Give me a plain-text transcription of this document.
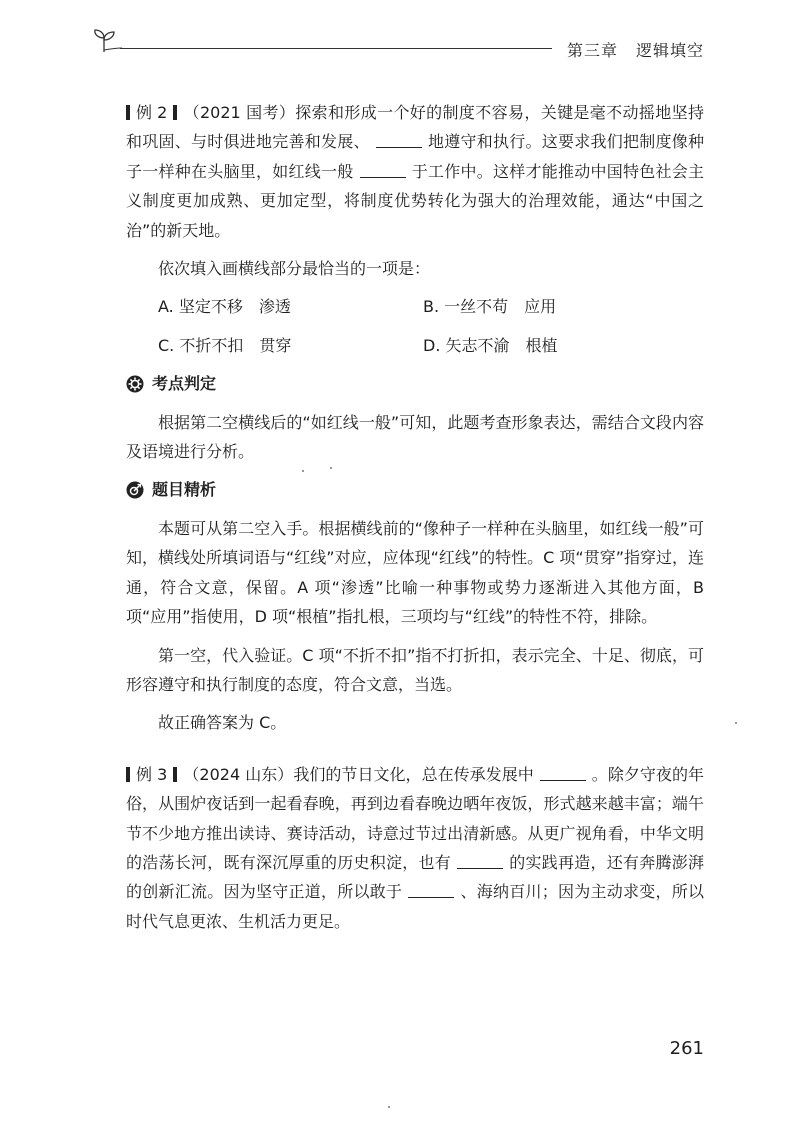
第三章 逻辑填空

例 2 （2021 国考）探索和形成一个好的制度不容易，关键是毫不动摇地坚持和巩固、与时俱进地完善和发展、	地遵守和执行。这要求我们把制度像种子一样种在头脑里，如红线一般	于工作中。这样才能推动中国特色社会主义制度更加成熟、更加定型，将制度优势转化为强大的治理效能，通达“中国之治”的新天地。

依次填入画横线部分最恰当的一项是：

A. 坚定不移　渗透	B. 一丝不苟　应用
C. 不折不扣　贯穿	D. 矢志不渝　根植
考点判定

根据第二空横线后的“如红线一般”可知，此题考查形象表达，需结合文段内容及语境进行分析。

题目精析

本题可从第二空入手。根据横线前的“像种子一样种在头脑里，如红线一般”可知，横线处所填词语与“红线”对应，应体现“红线”的特性。C 项“贯穿”指穿过，连通，符合文意，保留。A 项“渗透”比喻一种事物或势力逐渐进入其他方面，B 项“应用”指使用，D 项“根植”指扎根，三项均与“红线”的特性不符，排除。

第一空，代入验证。C 项“不折不扣”指不打折扣，表示完全、十足、彻底，可形容遵守和执行制度的态度，符合文意，当选。

故正确答案为 C。

例 3 （2024 山东）我们的节日文化，总在传承发展中	。除夕守夜的年俗，从围炉夜话到一起看春晚，再到边看春晚边晒年夜饭，形式越来越丰富；端午节不少地方推出读诗、赛诗活动，诗意过节过出清新感。从更广视角看，中华文明的浩荡长河，既有深沉厚重的历史积淀，也有	的实践再造，还有奔腾澎湃的创新汇流。因为坚守正道，所以敢于	、海纳百川；因为主动求变，所以时代气息更浓、生机活力更足。

261
